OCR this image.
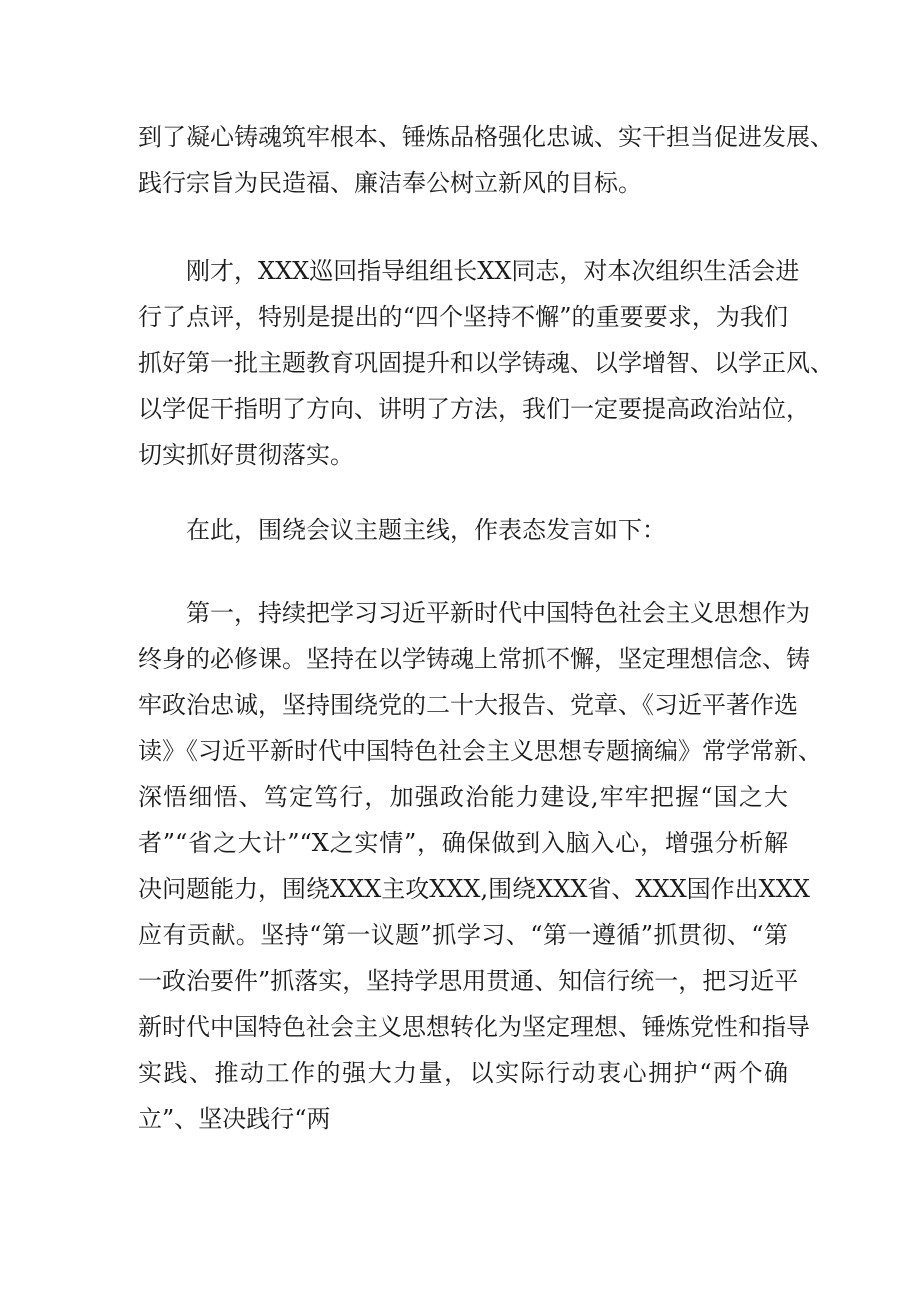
到了凝心铸魂筑牢根本、锤炼品格强化忠诚、实干担当促进发展、
践行宗旨为民造福、廉洁奉公树立新风的目标。

刚才，XXX巡回指导组组长XX同志，对本次组织生活会进
行了点评，特别是提出的“四个坚持不懈”的重要要求，为我们
抓好第一批主题教育巩固提升和以学铸魂、以学增智、以学正风、
以学促干指明了方向、讲明了方法，我们一定要提高政治站位，
切实抓好贯彻落实。

在此，围绕会议主题主线，作表态发言如下：

第一，持续把学习习近平新时代中国特色社会主义思想作为
终身的必修课。坚持在以学铸魂上常抓不懈，坚定理想信念、铸
牢政治忠诚，坚持围绕党的二十大报告、党章、《习近平著作选
读》《习近平新时代中国特色社会主义思想专题摘编》常学常新、
深悟细悟、笃定笃行，加强政治能力建设,牢牢把握“国之大
者”“省之大计”“X之实情”，确保做到入脑入心，增强分析解
决问题能力，围绕XXX主攻XXX,围绕XXX省、XXX国作出XXX
应有贡献。坚持“第一议题”抓学习、“第一遵循”抓贯彻、“第
一政治要件”抓落实，坚持学思用贯通、知信行统一，把习近平
新时代中国特色社会主义思想转化为坚定理想、锤炼党性和指导
实践、推动工作的强大力量，以实际行动衷心拥护“两个确
立”、坚决践行“两
